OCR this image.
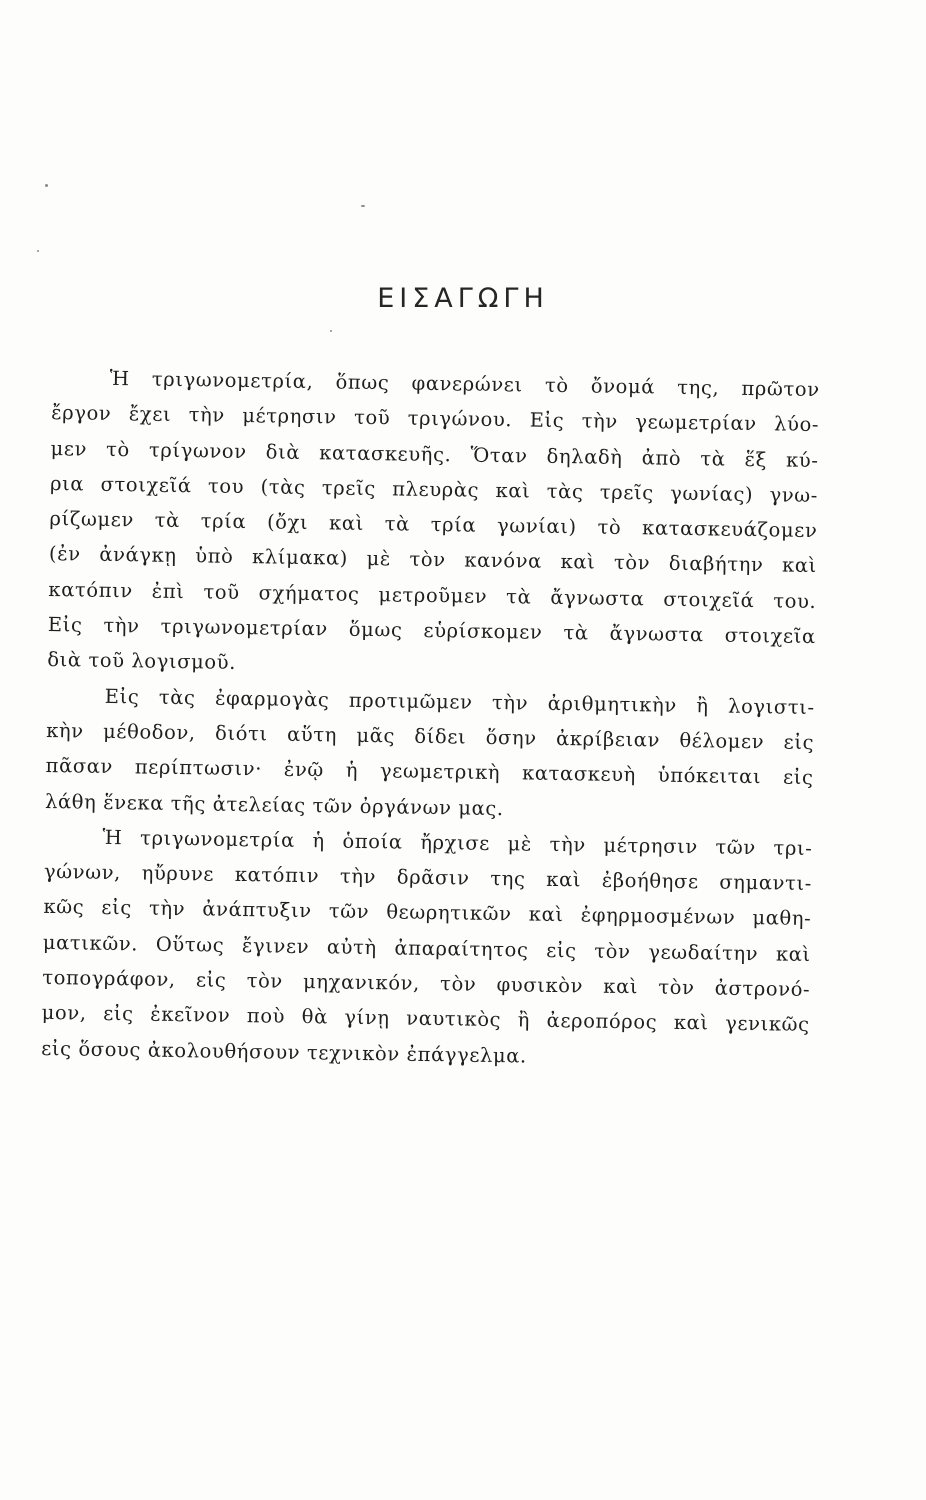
ΕΙΣΑΓΩΓΗ
Ἡ τριγωνομετρία, ὅπως φανερώνει τὸ ὄνομά της, πρῶτον
ἔργον ἔχει τὴν μέτρησιν τοῦ τριγώνου. Εἰς τὴν γεωμετρίαν λύο-
μεν τὸ τρίγωνον διὰ κατασκευῆς. Ὅταν δηλαδὴ ἀπὸ τὰ ἕξ κύ-
ρια στοιχεῖά του (τὰς τρεῖς πλευρὰς καὶ τὰς τρεῖς γωνίας) γνω-
ρίζωμεν τὰ τρία (ὄχι καὶ τὰ τρία γωνίαι) τὸ κατασκευάζομεν
(ἐν ἀνάγκῃ ὑπὸ κλίμακα) μὲ τὸν κανόνα καὶ τὸν διαβήτην καὶ
κατόπιν ἐπὶ τοῦ σχήματος μετροῦμεν τὰ ἄγνωστα στοιχεῖά του.
Εἰς τὴν τριγωνομετρίαν ὅμως εὑρίσκομεν τὰ ἄγνωστα στοιχεῖα
διὰ τοῦ λογισμοῦ.
Εἰς τὰς ἐφαρμογὰς προτιμῶμεν τὴν ἀριθμητικὴν ἢ λογιστι-
κὴν μέθοδον, διότι αὕτη μᾶς δίδει ὅσην ἀκρίβειαν θέλομεν εἰς
πᾶσαν περίπτωσιν· ἐνῷ ἡ γεωμετρικὴ κατασκευὴ ὑπόκειται εἰς
λάθη ἕνεκα τῆς ἀτελείας τῶν ὀργάνων μας.
Ἡ τριγωνομετρία ἡ ὁποία ἤρχισε μὲ τὴν μέτρησιν τῶν τρι-
γώνων, ηὔρυνε κατόπιν τὴν δρᾶσιν της καὶ ἐβοήθησε σημαντι-
κῶς εἰς τὴν ἀνάπτυξιν τῶν θεωρητικῶν καὶ ἐφηρμοσμένων μαθη-
ματικῶν. Οὕτως ἔγινεν αὐτὴ ἀπαραίτητος εἰς τὸν γεωδαίτην καὶ
τοπογράφον, εἰς τὸν μηχανικόν, τὸν φυσικὸν καὶ τὸν ἀστρονό-
μον, εἰς ἐκεῖνον ποὺ θὰ γίνῃ ναυτικὸς ἢ ἀεροπόρος καὶ γενικῶς
εἰς ὅσους ἀκολουθήσουν τεχνικὸν ἐπάγγελμα.
